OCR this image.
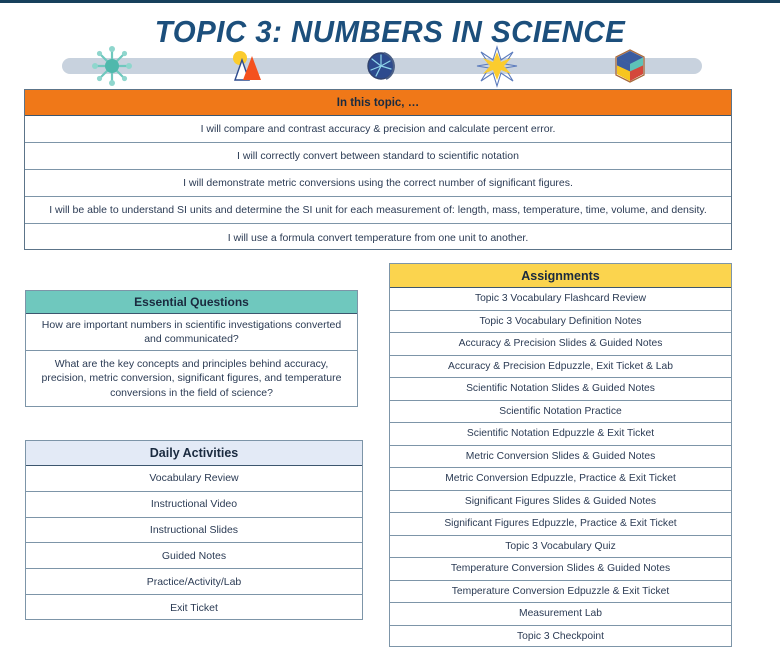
TOPIC 3: NUMBERS IN SCIENCE
In this topic, …
I will compare and contrast accuracy & precision and calculate percent error.
I will correctly convert between standard to scientific notation
I will demonstrate metric conversions using the correct number of significant figures.
I will be able to understand SI units and determine the SI unit for each measurement of: length, mass, temperature, time, volume, and density.
I will use a formula convert temperature from one unit to another.
Essential Questions
How are important numbers in scientific investigations converted and communicated?
What are the key concepts and principles behind accuracy, precision, metric conversion, significant figures, and temperature conversions in the field of science?
Daily Activities
Vocabulary Review
Instructional Video
Instructional Slides
Guided Notes
Practice/Activity/Lab
Exit Ticket
Assignments
Topic 3 Vocabulary Flashcard Review
Topic 3 Vocabulary Definition Notes
Accuracy & Precision Slides & Guided Notes
Accuracy & Precision Edpuzzle, Exit Ticket & Lab
Scientific Notation Slides & Guided Notes
Scientific Notation Practice
Scientific Notation Edpuzzle & Exit Ticket
Metric Conversion Slides & Guided Notes
Metric Conversion Edpuzzle, Practice & Exit Ticket
Significant Figures Slides & Guided Notes
Significant Figures Edpuzzle, Practice & Exit Ticket
Topic 3 Vocabulary Quiz
Temperature Conversion Slides & Guided Notes
Temperature Conversion Edpuzzle & Exit Ticket
Measurement Lab
Topic 3 Checkpoint
